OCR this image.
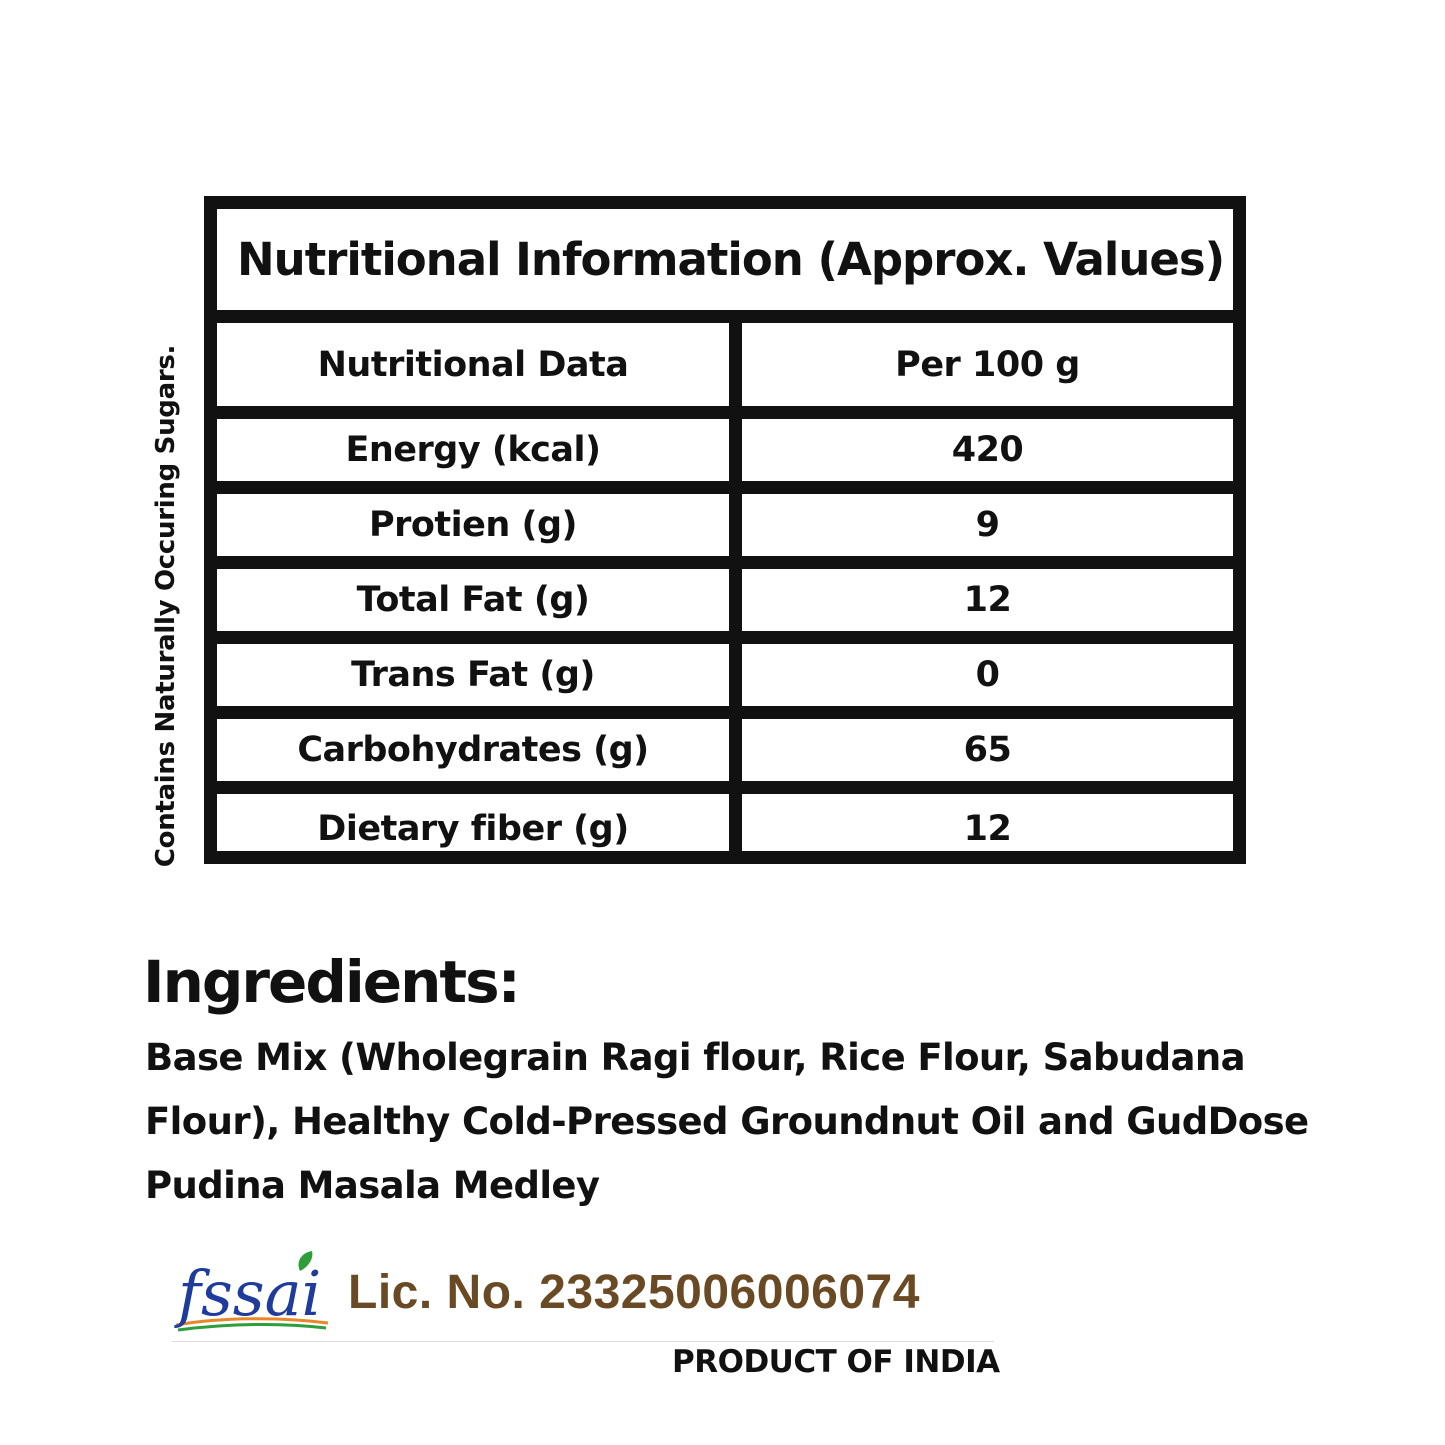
Contains Naturally Occuring Sugars.
Nutritional Information (Approx. Values)
Nutritional Data	Per 100 g
Energy (kcal)	420
Protien (g)	9
Total Fat (g)	12
Trans Fat (g)	0
Carbohydrates (g)	65
Dietary fiber (g)	12
Ingredients:
Base Mix (Wholegrain Ragi flour, Rice Flour, Sabudana Flour), Healthy Cold-Pressed Groundnut Oil and GudDose Pudina Masala Medley
fssai Lic. No. 23325006006074
PRODUCT OF INDIA
